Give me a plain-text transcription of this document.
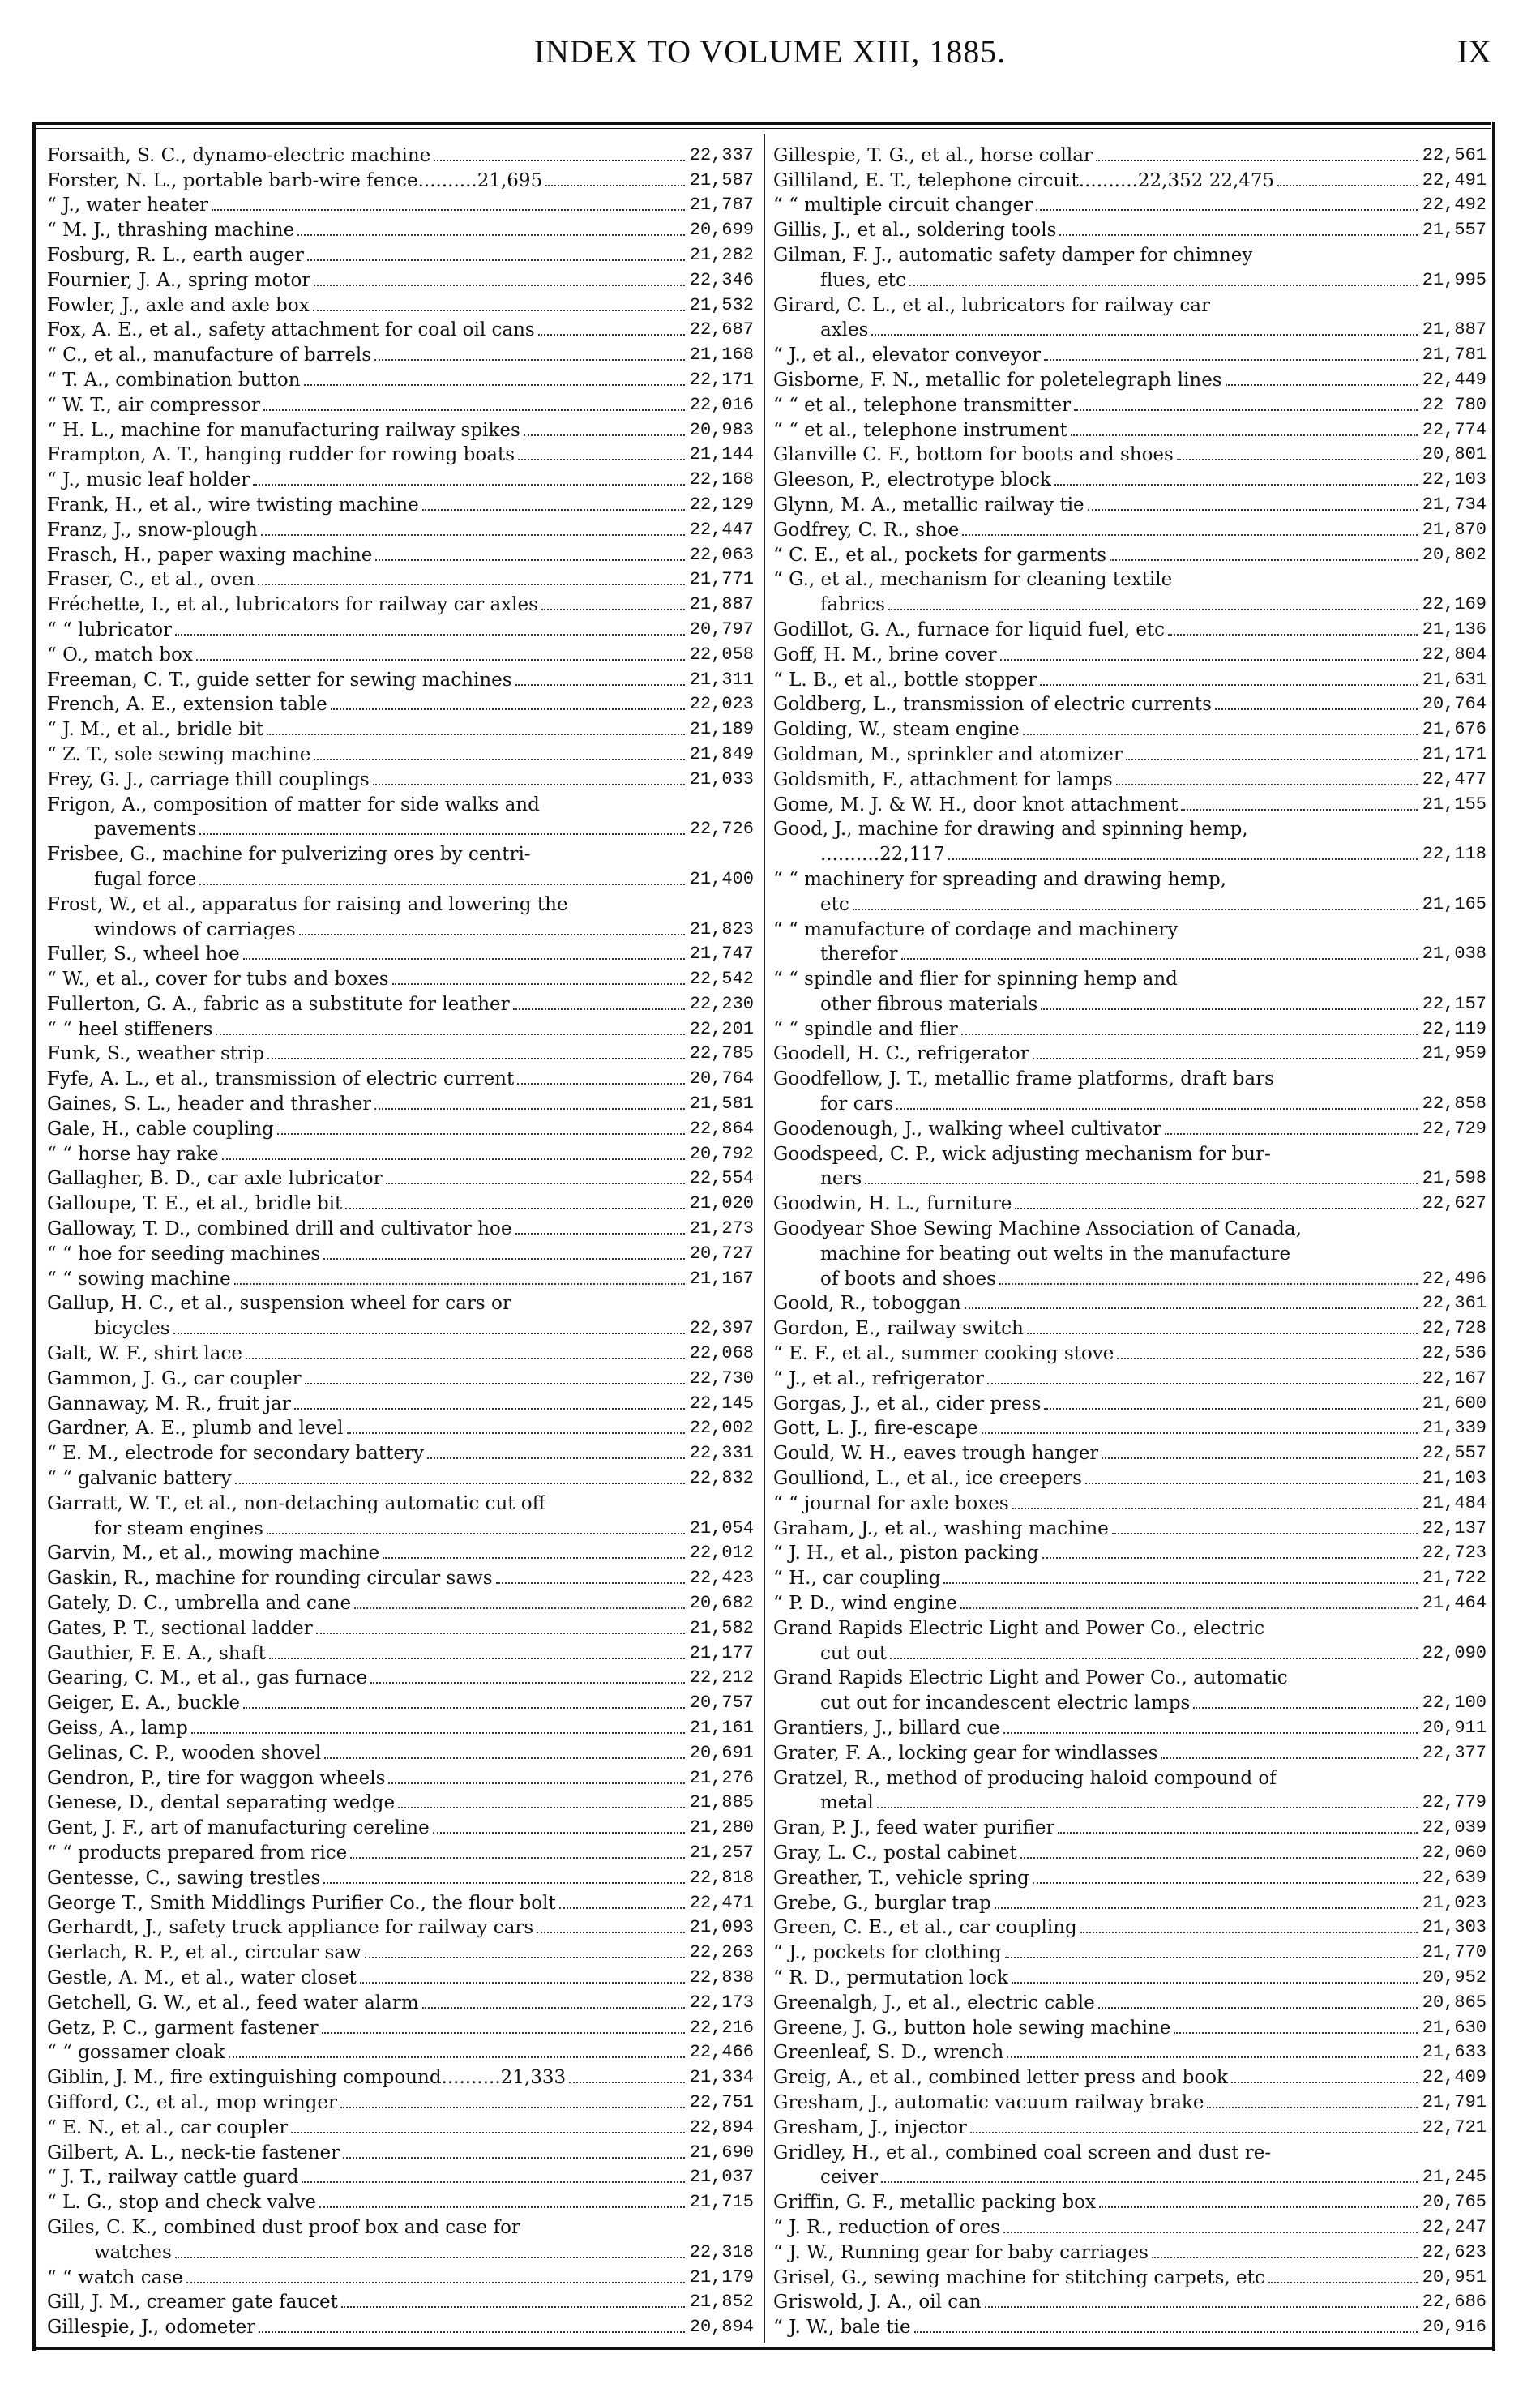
INDEX TO VOLUME XIII, 1885.	IX
Forsaith, S. C., dynamo-electric machine	22,337
Forster, N. L., portable barb-wire fence..........21,695	21,587
“ J., water heater	21,787
“ M. J., thrashing machine	20,699
Fosburg, R. L., earth auger	21,282
Fournier, J. A., spring motor	22,346
Fowler, J., axle and axle box	21,532
Fox, A. E., et al., safety attachment for coal oil cans	22,687
“ C., et al., manufacture of barrels	21,168
“ T. A., combination button	22,171
“ W. T., air compressor	22,016
“ H. L., machine for manufacturing railway spikes	20,983
Frampton, A. T., hanging rudder for rowing boats	21,144
“ J., music leaf holder	22,168
Frank, H., et al., wire twisting machine	22,129
Franz, J., snow-plough	22,447
Frasch, H., paper waxing machine	22,063
Fraser, C., et al., oven	21,771
Fréchette, I., et al., lubricators for railway car axles	21,887
“ “ lubricator	20,797
“ O., match box	22,058
Freeman, C. T., guide setter for sewing machines	21,311
French, A. E., extension table	22,023
“ J. M., et al., bridle bit	21,189
“ Z. T., sole sewing machine	21,849
Frey, G. J., carriage thill couplings	21,033
Frigon, A., composition of matter for side walks and
pavements	22,726
Frisbee, G., machine for pulverizing ores by centri-
fugal force	21,400
Frost, W., et al., apparatus for raising and lowering the
windows of carriages	21,823
Fuller, S., wheel hoe	21,747
“ W., et al., cover for tubs and boxes	22,542
Fullerton, G. A., fabric as a substitute for leather	22,230
“ “ heel stiffeners	22,201
Funk, S., weather strip	22,785
Fyfe, A. L., et al., transmission of electric current	20,764
Gaines, S. L., header and thrasher	21,581
Gale, H., cable coupling	22,864
“ “ horse hay rake	20,792
Gallagher, B. D., car axle lubricator	22,554
Galloupe, T. E., et al., bridle bit	21,020
Galloway, T. D., combined drill and cultivator hoe	21,273
“ “ hoe for seeding machines	20,727
“ “ sowing machine	21,167
Gallup, H. C., et al., suspension wheel for cars or
bicycles	22,397
Galt, W. F., shirt lace	22,068
Gammon, J. G., car coupler	22,730
Gannaway, M. R., fruit jar	22,145
Gardner, A. E., plumb and level	22,002
“ E. M., electrode for secondary battery	22,331
“ “ galvanic battery	22,832
Garratt, W. T., et al., non-detaching automatic cut off
for steam engines	21,054
Garvin, M., et al., mowing machine	22,012
Gaskin, R., machine for rounding circular saws	22,423
Gately, D. C., umbrella and cane	20,682
Gates, P. T., sectional ladder	21,582
Gauthier, F. E. A., shaft	21,177
Gearing, C. M., et al., gas furnace	22,212
Geiger, E. A., buckle	20,757
Geiss, A., lamp	21,161
Gelinas, C. P., wooden shovel	20,691
Gendron, P., tire for waggon wheels	21,276
Genese, D., dental separating wedge	21,885
Gent, J. F., art of manufacturing cereline	21,280
“ “ products prepared from rice	21,257
Gentesse, C., sawing trestles	22,818
George T., Smith Middlings Purifier Co., the flour bolt	22,471
Gerhardt, J., safety truck appliance for railway cars	21,093
Gerlach, R. P., et al., circular saw	22,263
Gestle, A. M., et al., water closet	22,838
Getchell, G. W., et al., feed water alarm	22,173
Getz, P. C., garment fastener	22,216
“ “ gossamer cloak	22,466
Giblin, J. M., fire extinguishing compound..........21,333	21,334
Gifford, C., et al., mop wringer	22,751
“ E. N., et al., car coupler	22,894
Gilbert, A. L., neck-tie fastener	21,690
“ J. T., railway cattle guard	21,037
“ L. G., stop and check valve	21,715
Giles, C. K., combined dust proof box and case for
watches	22,318
“ “ watch case	21,179
Gill, J. M., creamer gate faucet	21,852
Gillespie, J., odometer	20,894
Gillespie, T. G., et al., horse collar	22,561
Gilliland, E. T., telephone circuit..........22,352 22,475	22,491
“ “ multiple circuit changer	22,492
Gillis, J., et al., soldering tools	21,557
Gilman, F. J., automatic safety damper for chimney
flues, etc	21,995
Girard, C. L., et al., lubricators for railway car
axles	21,887
“ J., et al., elevator conveyor	21,781
Gisborne, F. N., metallic for poletelegraph lines	22,449
“ “ et al., telephone transmitter	22 780
“ “ et al., telephone instrument	22,774
Glanville C. F., bottom for boots and shoes	20,801
Gleeson, P., electrotype block	22,103
Glynn, M. A., metallic railway tie	21,734
Godfrey, C. R., shoe	21,870
“ C. E., et al., pockets for garments	20,802
“ G., et al., mechanism for cleaning textile
fabrics	22,169
Godillot, G. A., furnace for liquid fuel, etc	21,136
Goff, H. M., brine cover	22,804
“ L. B., et al., bottle stopper	21,631
Goldberg, L., transmission of electric currents	20,764
Golding, W., steam engine	21,676
Goldman, M., sprinkler and atomizer	21,171
Goldsmith, F., attachment for lamps	22,477
Gome, M. J. & W. H., door knot attachment	21,155
Good, J., machine for drawing and spinning hemp,
..........22,117	22,118
“ “ machinery for spreading and drawing hemp,
etc	21,165
“ “ manufacture of cordage and machinery
therefor	21,038
“ “ spindle and flier for spinning hemp and
other fibrous materials	22,157
“ “ spindle and flier	22,119
Goodell, H. C., refrigerator	21,959
Goodfellow, J. T., metallic frame platforms, draft bars
for cars	22,858
Goodenough, J., walking wheel cultivator	22,729
Goodspeed, C. P., wick adjusting mechanism for bur-
ners	21,598
Goodwin, H. L., furniture	22,627
Goodyear Shoe Sewing Machine Association of Canada,
machine for beating out welts in the manufacture
of boots and shoes	22,496
Goold, R., toboggan	22,361
Gordon, E., railway switch	22,728
“ E. F., et al., summer cooking stove	22,536
“ J., et al., refrigerator	22,167
Gorgas, J., et al., cider press	21,600
Gott, L. J., fire-escape	21,339
Gould, W. H., eaves trough hanger	22,557
Goulliond, L., et al., ice creepers	21,103
“ “ journal for axle boxes	21,484
Graham, J., et al., washing machine	22,137
“ J. H., et al., piston packing	22,723
“ H., car coupling	21,722
“ P. D., wind engine	21,464
Grand Rapids Electric Light and Power Co., electric
cut out	22,090
Grand Rapids Electric Light and Power Co., automatic
cut out for incandescent electric lamps	22,100
Grantiers, J., billard cue	20,911
Grater, F. A., locking gear for windlasses	22,377
Gratzel, R., method of producing haloid compound of
metal	22,779
Gran, P. J., feed water purifier	22,039
Gray, L. C., postal cabinet	22,060
Greather, T., vehicle spring	22,639
Grebe, G., burglar trap	21,023
Green, C. E., et al., car coupling	21,303
“ J., pockets for clothing	21,770
“ R. D., permutation lock	20,952
Greenalgh, J., et al., electric cable	20,865
Greene, J. G., button hole sewing machine	21,630
Greenleaf, S. D., wrench	21,633
Greig, A., et al., combined letter press and book	22,409
Gresham, J., automatic vacuum railway brake	21,791
Gresham, J., injector	22,721
Gridley, H., et al., combined coal screen and dust re-
ceiver	21,245
Griffin, G. F., metallic packing box	20,765
“ J. R., reduction of ores	22,247
“ J. W., Running gear for baby carriages	22,623
Grisel, G., sewing machine for stitching carpets, etc	20,951
Griswold, J. A., oil can	22,686
“ J. W., bale tie	20,916
